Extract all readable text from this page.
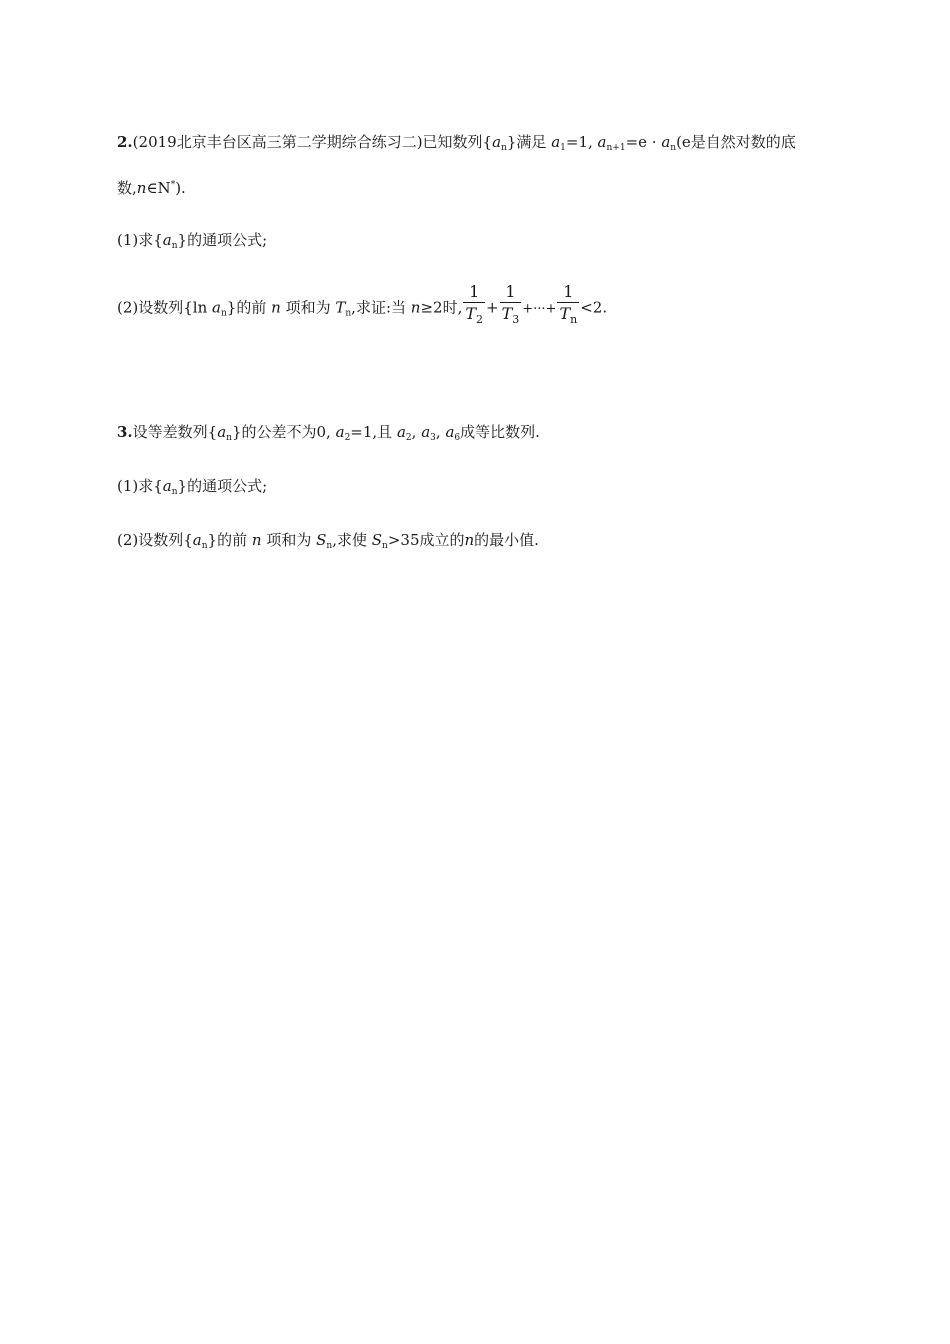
2.(2019北京丰台区高三第二学期综合练习二)已知数列$\{a_n\}$满足 $a_1=1$, $a_{n+1}=e \cdot a_n(e$是自然对数的底
数,n∈N*).
(1)求$\{a_n\}$的通项公式;
(2)设数列{ln $a_n$}的前 n 项和为 $T_n$,求证:当 n≥2时, $\frac{1}{T_2} + \frac{1}{T_3}$ +···+ $\frac{1}{T_n} <2$.
3.设等差数列$\{a_n\}$的公差不为0, $a_2=1$,且 $a_2$, $a_3$, $a_6$成等比数列.
(1)求$\{a_n\}$的通项公式;
(2)设数列$\{a_n\}$的前 n 项和为 $S_n$,求使 $S_n>35$成立的n的最小值.
